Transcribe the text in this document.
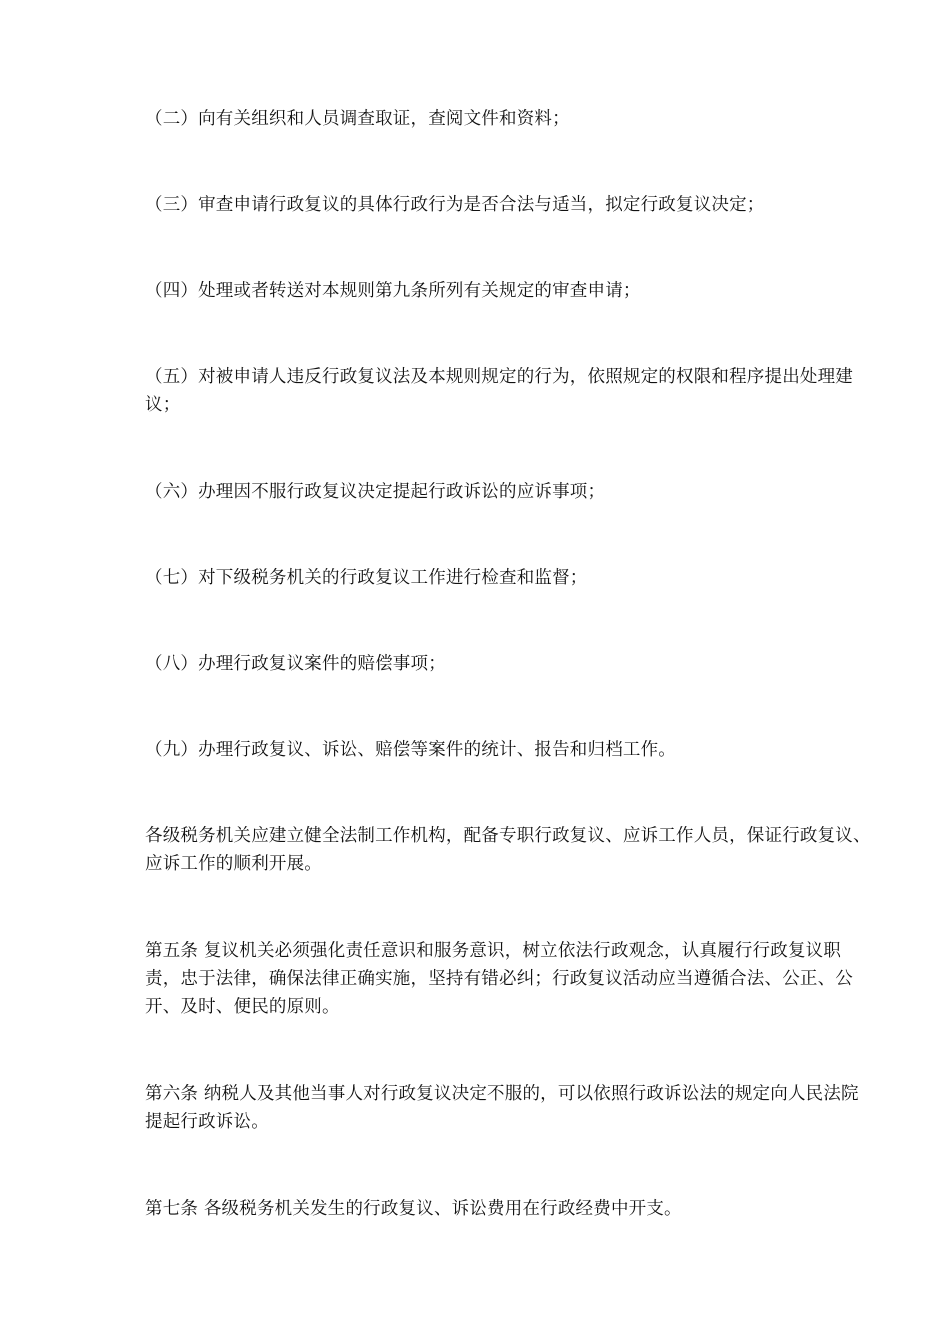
（二）向有关组织和人员调查取证，查阅文件和资料；

（三）审查申请行政复议的具体行政行为是否合法与适当，拟定行政复议决定；

（四）处理或者转送对本规则第九条所列有关规定的审查申请；

（五）对被申请人违反行政复议法及本规则规定的行为，依照规定的权限和程序提出处理建议；

（六）办理因不服行政复议决定提起行政诉讼的应诉事项；

（七）对下级税务机关的行政复议工作进行检查和监督；

（八）办理行政复议案件的赔偿事项；

（九）办理行政复议、诉讼、赔偿等案件的统计、报告和归档工作。

各级税务机关应建立健全法制工作机构，配备专职行政复议、应诉工作人员，保证行政复议、应诉工作的顺利开展。

第五条 复议机关必须强化责任意识和服务意识，树立依法行政观念，认真履行行政复议职责，忠于法律，确保法律正确实施，坚持有错必纠；行政复议活动应当遵循合法、公正、公开、及时、便民的原则。

第六条 纳税人及其他当事人对行政复议决定不服的，可以依照行政诉讼法的规定向人民法院提起行政诉讼。

第七条 各级税务机关发生的行政复议、诉讼费用在行政经费中开支。
